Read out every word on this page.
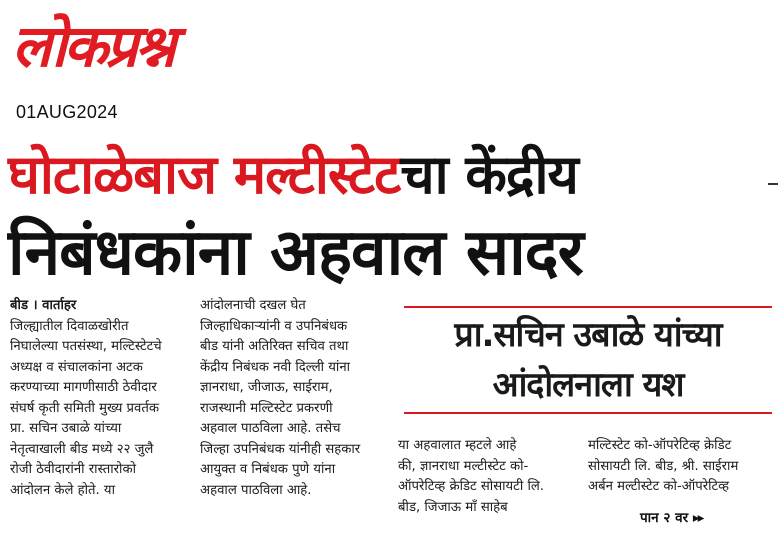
लोकप्रश्न
01AUG2024
घोटाळेबाज मल्टीस्टेटचा केंद्रीय
निबंधकांना अहवाल सादर
बीड । वार्ताहर
जिल्ह्यातील दिवाळखोरीत
निघालेल्या पतसंस्था, मल्टिस्टेटचे
अध्यक्ष व संचालकांना अटक
करण्याच्या मागणीसाठी ठेवीदार
संघर्ष कृती समिती मुख्य प्रवर्तक
प्रा. सचिन उबाळे यांच्या
नेतृत्वाखाली बीड मध्ये २२ जुलै
रोजी ठेवीदारांनी रास्तारोको
आंदोलन केले होते. या
आंदोलनाची दखल घेत
जिल्हाधिकाऱ्यांनी व उपनिबंधक
बीड यांनी अतिरिक्त सचिव तथा
केंद्रीय निबंधक नवी दिल्ली यांना
ज्ञानराधा, जीजाऊ, साईराम,
राजस्थानी मल्टिस्टेट प्रकरणी
अहवाल पाठविला आहे. तसेच
जिल्हा उपनिबंधक यांनीही सहकार
आयुक्त व निबंधक पुणे यांना
अहवाल पाठविला आहे.
प्रा.सचिन उबाळे यांच्या
आंदोलनाला यश
या अहवालात म्हटले आहे
की, ज्ञानराधा मल्टीस्टेट को-
ऑपरेटिव्ह क्रेडिट सोसायटी लि.
बीड, जिजाऊ माँ साहेब
मल्टिस्टेट को-ऑपरेटिव्ह क्रेडिट
सोसायटी लि. बीड, श्री. साईराम
अर्बन मल्टीस्टेट को-ऑपरेटिव्ह
पान २ वर ▸▸
